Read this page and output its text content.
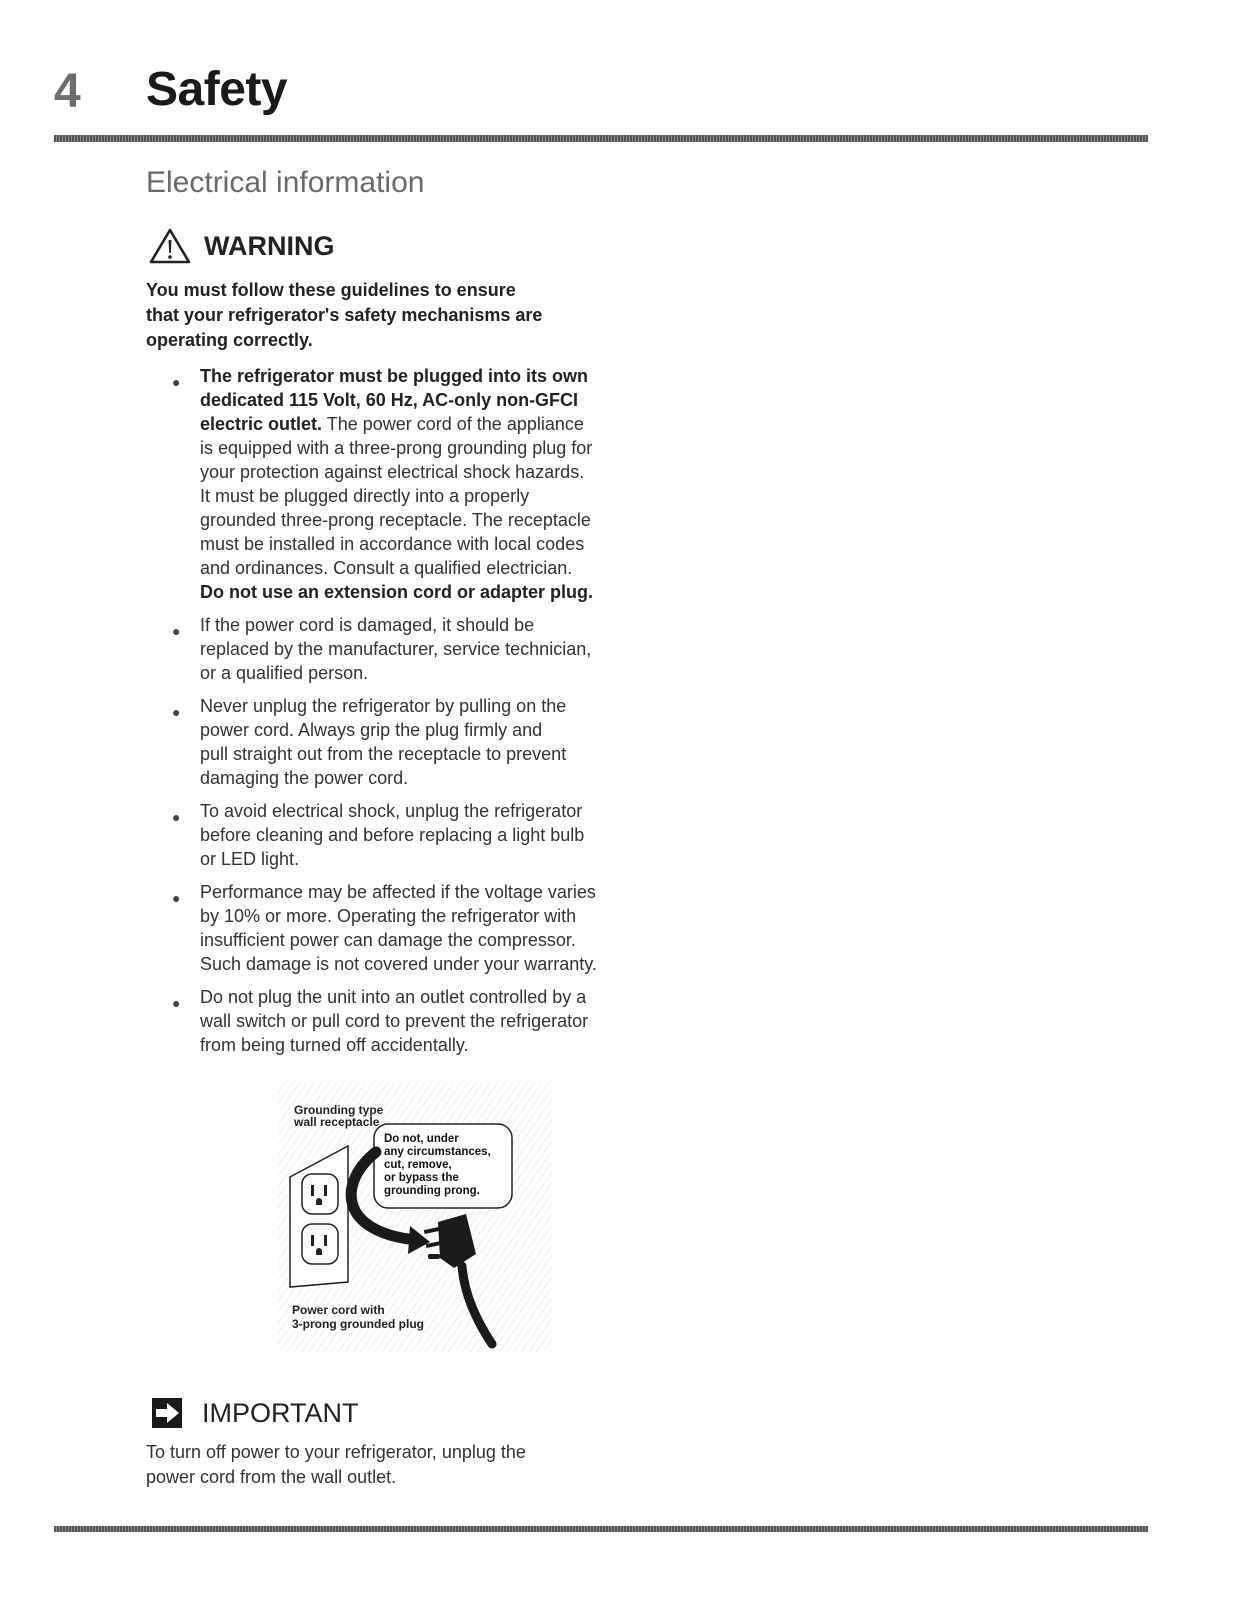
4 Safety
Electrical information
WARNING
You must follow these guidelines to ensure
that your refrigerator's safety mechanisms are
operating correctly.
● The refrigerator must be plugged into its own
dedicated 115 Volt, 60 Hz, AC-only non-GFCI
electric outlet. The power cord of the appliance
is equipped with a three-prong grounding plug for
your protection against electrical shock hazards.
It must be plugged directly into a properly
grounded three-prong receptacle. The receptacle
must be installed in accordance with local codes
and ordinances. Consult a qualified electrician.
Do not use an extension cord or adapter plug.
● If the power cord is damaged, it should be
replaced by the manufacturer, service technician,
or a qualified person.
● Never unplug the refrigerator by pulling on the
power cord. Always grip the plug firmly and
pull straight out from the receptacle to prevent
damaging the power cord.
● To avoid electrical shock, unplug the refrigerator
before cleaning and before replacing a light bulb
or LED light.
● Performance may be affected if the voltage varies
by 10% or more. Operating the refrigerator with
insufficient power can damage the compressor.
Such damage is not covered under your warranty.
● Do not plug the unit into an outlet controlled by a
wall switch or pull cord to prevent the refrigerator
from being turned off accidentally.
Grounding type wall receptacle
Do not, under any circumstances, cut, remove, or bypass the grounding prong.
Power cord with 3-prong grounded plug
IMPORTANT
To turn off power to your refrigerator, unplug the
power cord from the wall outlet.
